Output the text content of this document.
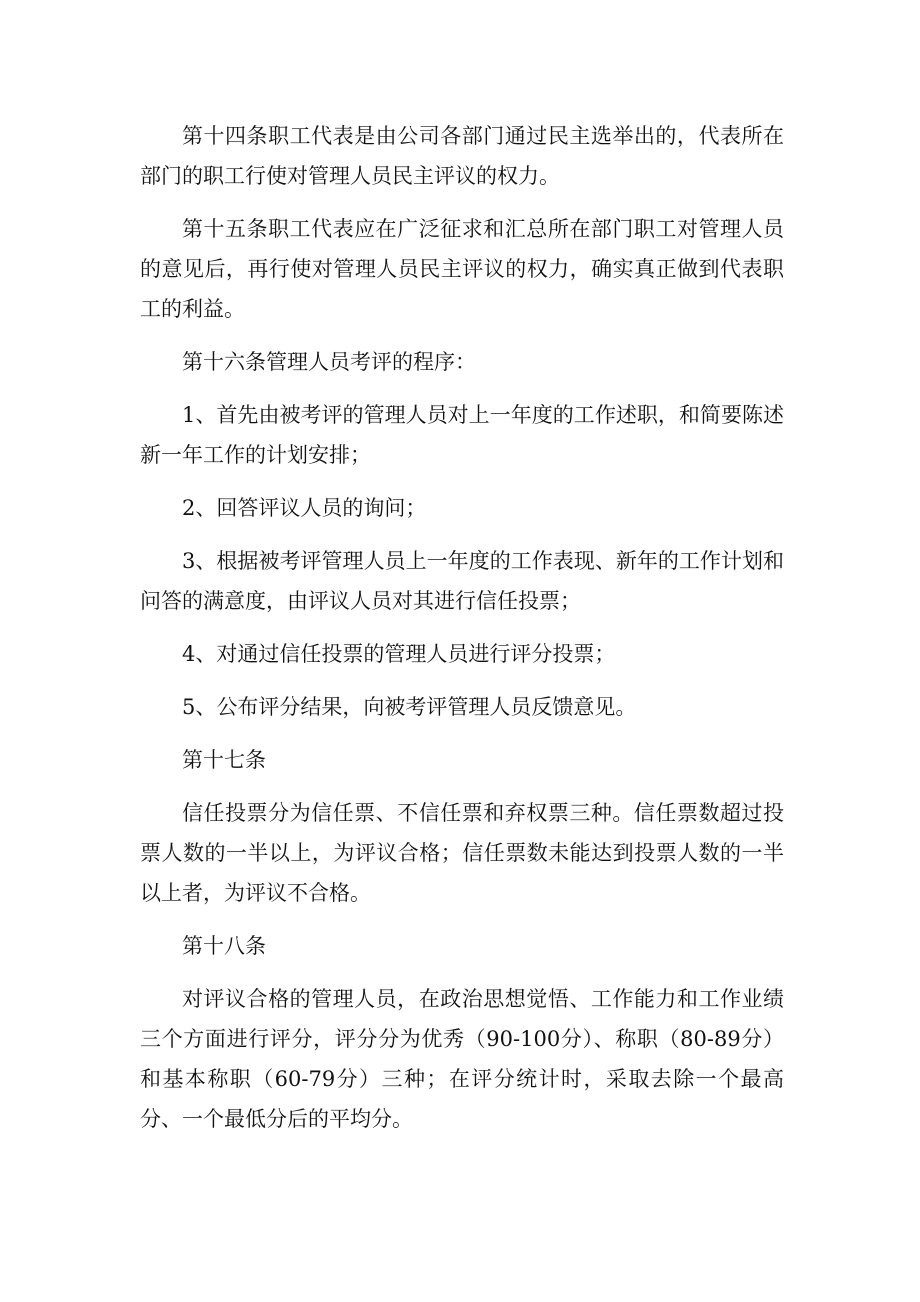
第十四条职工代表是由公司各部门通过民主选举出的，代表所在部门的职工行使对管理人员民主评议的权力。

第十五条职工代表应在广泛征求和汇总所在部门职工对管理人员的意见后，再行使对管理人员民主评议的权力，确实真正做到代表职工的利益。

第十六条管理人员考评的程序：

1、首先由被考评的管理人员对上一年度的工作述职，和简要陈述新一年工作的计划安排；

2、回答评议人员的询问；

3、根据被考评管理人员上一年度的工作表现、新年的工作计划和问答的满意度，由评议人员对其进行信任投票；

4、对通过信任投票的管理人员进行评分投票；

5、公布评分结果，向被考评管理人员反馈意见。

第十七条

信任投票分为信任票、不信任票和弃权票三种。信任票数超过投票人数的一半以上，为评议合格；信任票数未能达到投票人数的一半以上者，为评议不合格。

第十八条

对评议合格的管理人员，在政治思想觉悟、工作能力和工作业绩三个方面进行评分，评分分为优秀（90-100分）、称职（80-89分）和基本称职（60-79分）三种；在评分统计时，采取去除一个最高分、一个最低分后的平均分。
